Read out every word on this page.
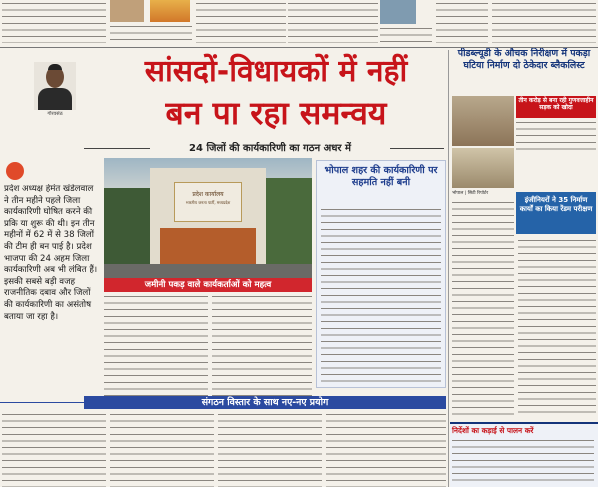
गौरवसेठ
सांसदों-विधायकों में नहीं
बन पा रहा समन्वय
24 जिलों की कार्यकारिणी का गठन अधर में
प्रदेश अध्यक्ष हेमंत खंडेलवाल ने तीन महीने पहले जिला कार्यकारिणी घोषित करने की प्रकि या शुरू की थी। इन तीन महीनों में 62 में से 38 जिलों की टीम ही बन पाई है। प्रदेश भाजपा की 24 अहम जिला कार्यकारिणी अब भी लंबित हैं। इसकी सबसे बड़ी वजह राजनीतिक दबाव और जिलों की कार्यकारिणी का असंतोष बताया जा रहा है।
प्रदेश कार्यालय
भारतीय जनता पार्टी, मध्यप्रदेश
जमीनी पकड़ वाले कार्यकर्ताओं को महत्व
भोपाल शहर की कार्यकारिणी पर सहमति नहीं बनी
पीडब्ल्यूडी के औचक निरीक्षण में पकड़ा घटिया निर्माण दो ठेकेदार ब्लैकलिस्ट
तीन करोड़ से बना रही गुणवत्ताहीन सड़क को खोदा
भोपाल | सिटी रिपोर्टर
इंजीनियरों ने 35 निर्माण कार्यों का किया रेंडम परीक्षण
संगठन विस्तार के साथ नए-नए प्रयोग
निर्देशों का कड़ाई से पालन करें
